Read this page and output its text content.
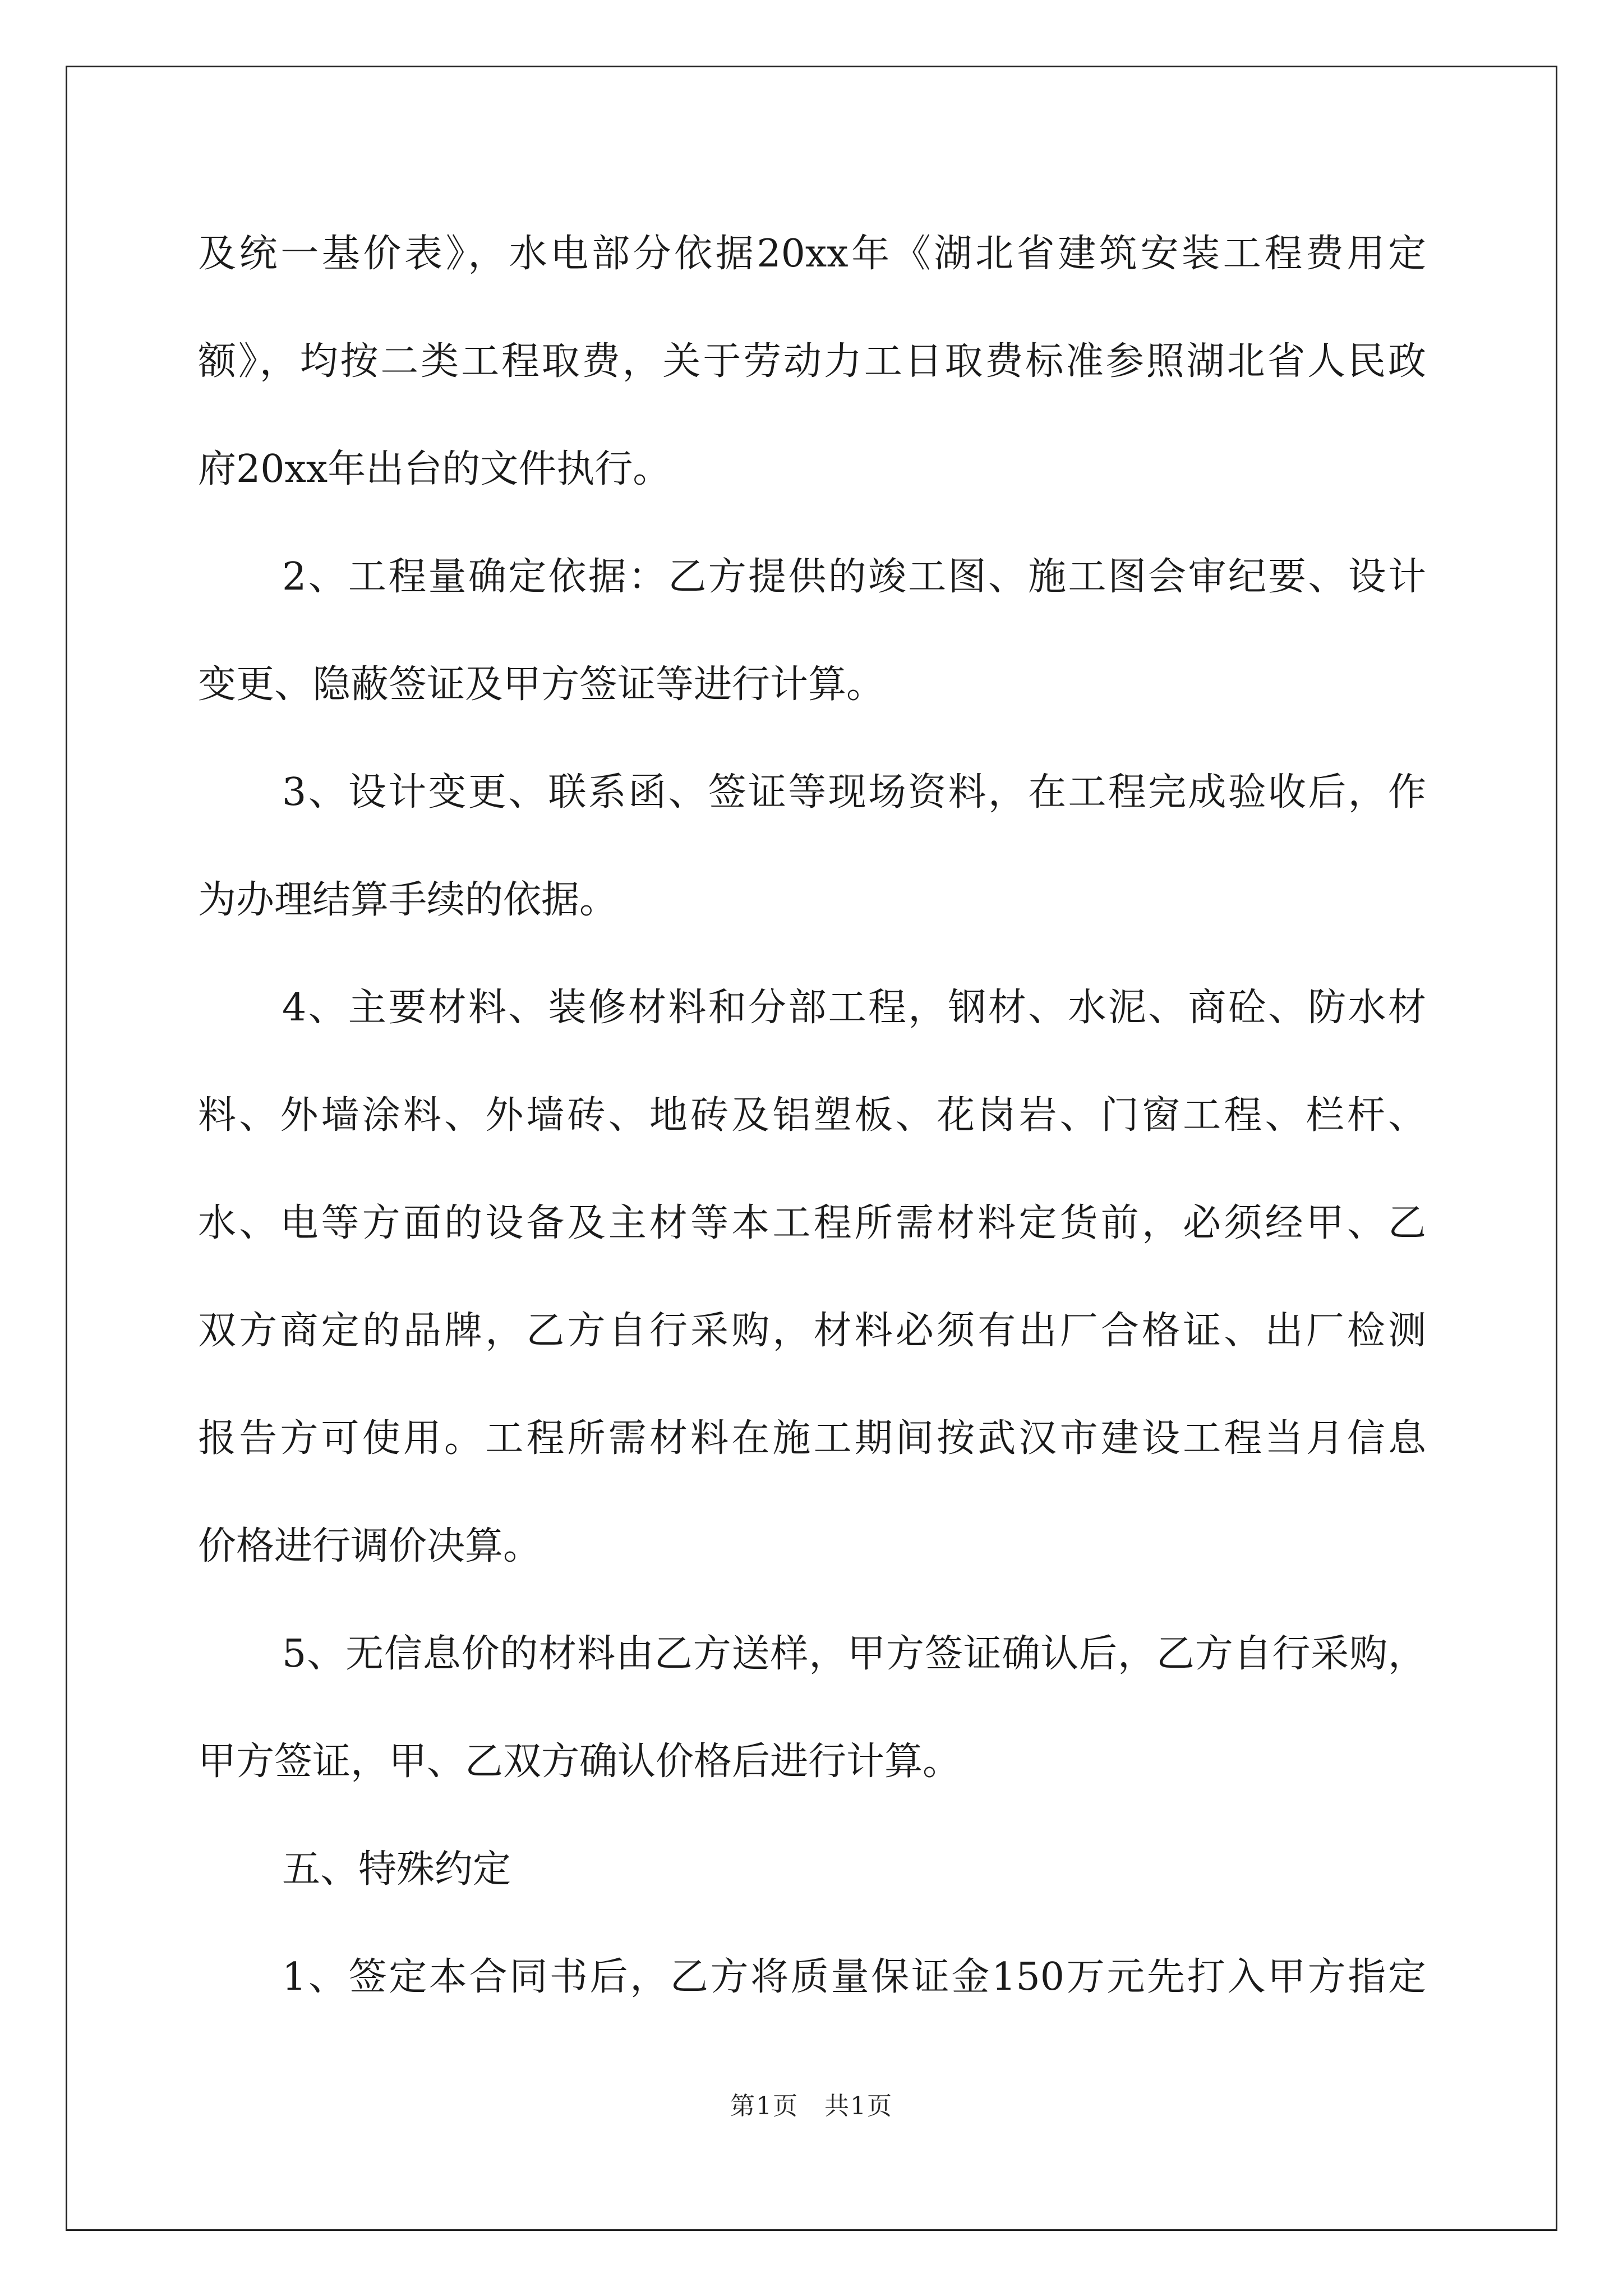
及统一基价表》，水电部分依据20xx年《湖北省建筑安装工程费用定
额》，均按二类工程取费，关于劳动力工日取费标准参照湖北省人民政
府20xx年出台的文件执行。
2、工程量确定依据：乙方提供的竣工图、施工图会审纪要、设计
变更、隐蔽签证及甲方签证等进行计算。
3、设计变更、联系函、签证等现场资料，在工程完成验收后，作
为办理结算手续的依据。
4、主要材料、装修材料和分部工程，钢材、水泥、商砼、防水材
料、外墙涂料、外墙砖、地砖及铝塑板、花岗岩、门窗工程、栏杆、
水、电等方面的设备及主材等本工程所需材料定货前，必须经甲、乙
双方商定的品牌，乙方自行采购，材料必须有出厂合格证、出厂检测
报告方可使用。工程所需材料在施工期间按武汉市建设工程当月信息
价格进行调价决算。
5、无信息价的材料由乙方送样，甲方签证确认后，乙方自行采购，
甲方签证，甲、乙双方确认价格后进行计算。
五、特殊约定
1、签定本合同书后，乙方将质量保证金150万元先打入甲方指定
第1页　共1页
